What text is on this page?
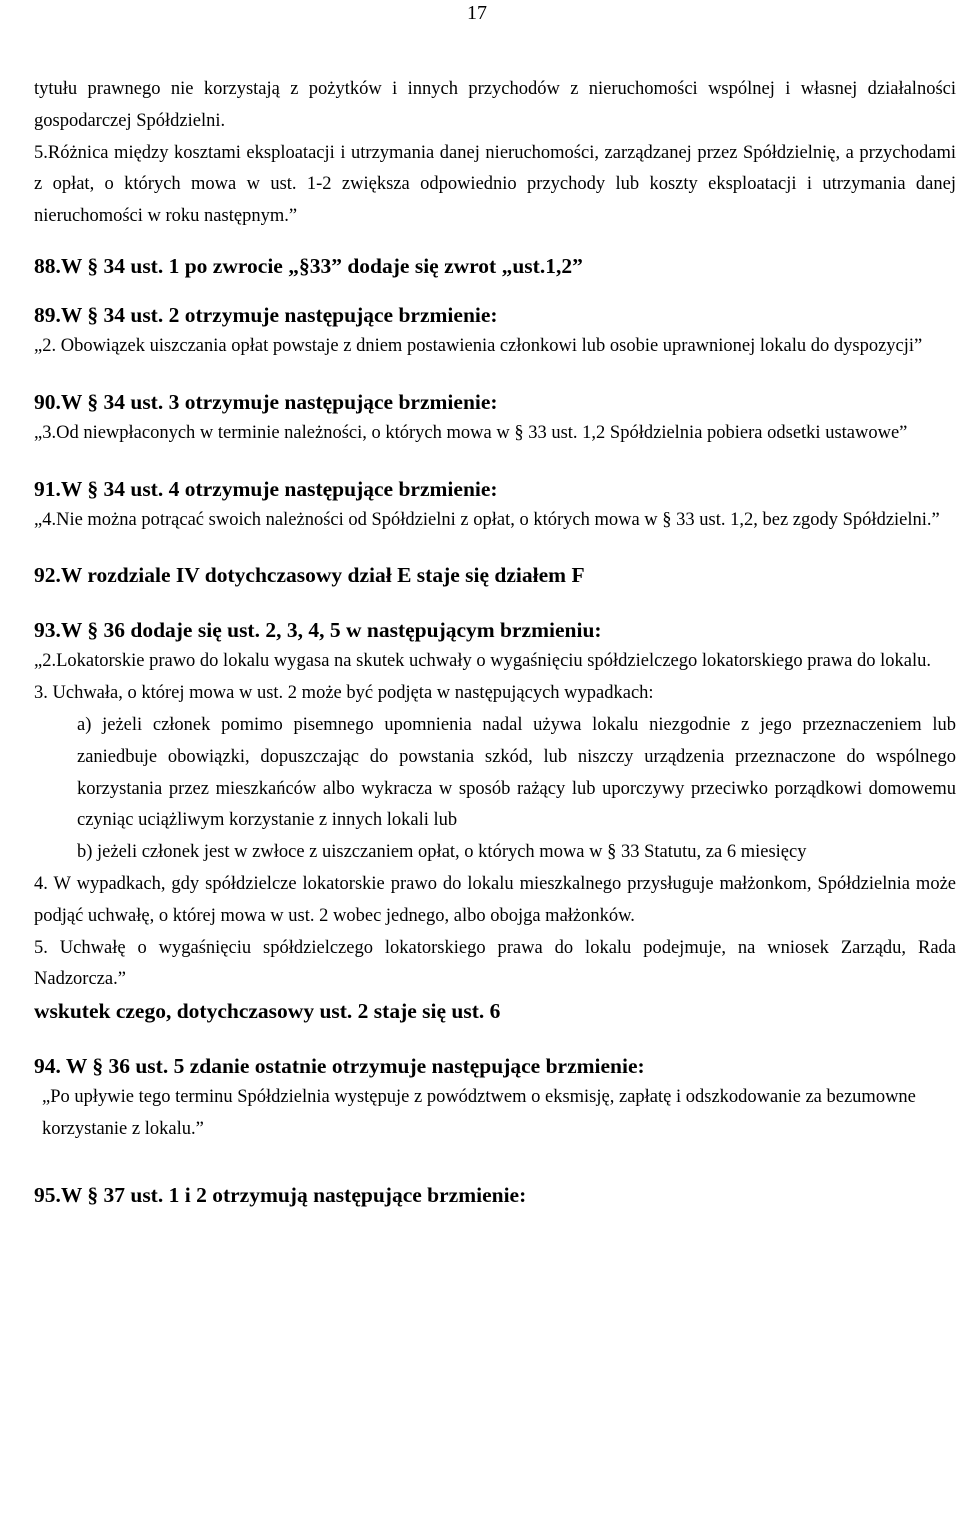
17

tytułu prawnego nie korzystają z pożytków i innych przychodów z nieruchomości wspólnej i własnej działalności gospodarczej Spółdzielni.

5.Różnica między kosztami eksploatacji i utrzymania danej nieruchomości, zarządzanej przez Spółdzielnię, a przychodami z opłat, o których mowa w ust. 1-2 zwiększa odpowiednio przychody lub koszty eksploatacji i utrzymania danej nieruchomości w roku następnym.”

88.W § 34 ust. 1 po zwrocie „§33” dodaje się zwrot „ust.1,2”

89.W § 34 ust. 2 otrzymuje następujące brzmienie:

„2. Obowiązek uiszczania opłat powstaje z dniem postawienia członkowi lub osobie uprawnionej lokalu do dyspozycji”

90.W § 34 ust. 3 otrzymuje następujące brzmienie:

„3.Od niewpłaconych w terminie należności, o których mowa w § 33 ust. 1,2 Spółdzielnia pobiera odsetki ustawowe”

91.W § 34 ust. 4 otrzymuje następujące brzmienie:

„4.Nie można potrącać swoich należności od Spółdzielni z opłat, o których mowa w § 33 ust. 1,2, bez zgody Spółdzielni.”

92.W rozdziale IV dotychczasowy dział E staje się działem F

93.W § 36 dodaje się ust. 2, 3, 4, 5 w następującym brzmieniu:

„2.Lokatorskie prawo do lokalu wygasa na skutek uchwały o wygaśnięciu spółdzielczego lokatorskiego prawa do lokalu.

3. Uchwała, o której mowa w ust. 2 może być podjęta w następujących wypadkach:

a) jeżeli członek pomimo pisemnego upomnienia nadal używa lokalu niezgodnie z jego przeznaczeniem lub zaniedbuje obowiązki, dopuszczając do powstania szkód, lub niszczy urządzenia przeznaczone do wspólnego korzystania przez mieszkańców albo wykracza w sposób rażący lub uporczywy przeciwko porządkowi domowemu czyniąc uciążliwym korzystanie z innych lokali lub

b) jeżeli członek jest w zwłoce z uiszczaniem opłat, o których mowa w § 33 Statutu, za 6 miesięcy

4. W wypadkach, gdy spółdzielcze lokatorskie prawo do lokalu mieszkalnego przysługuje małżonkom, Spółdzielnia może podjąć uchwałę, o której mowa w ust. 2 wobec jednego, albo obojga małżonków.

5. Uchwałę o wygaśnięciu spółdzielczego lokatorskiego prawa do lokalu podejmuje, na wniosek Zarządu, Rada Nadzorcza.”

wskutek czego, dotychczasowy ust. 2 staje się ust. 6

94. W § 36 ust. 5 zdanie ostatnie otrzymuje następujące brzmienie:

„Po upływie tego terminu Spółdzielnia występuje z powództwem o eksmisję, zapłatę i odszkodowanie za bezumowne korzystanie z lokalu.”

95.W § 37 ust. 1 i 2 otrzymują następujące brzmienie:
